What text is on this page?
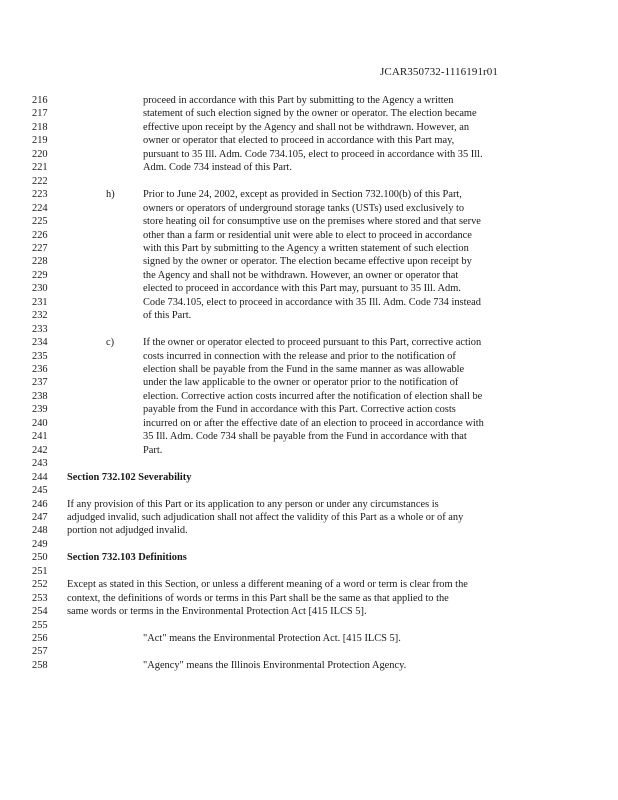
JCAR350732-1116191r01
216	proceed in accordance with this Part by submitting to the Agency a written
217	statement of such election signed by the owner or operator. The election became
218	effective upon receipt by the Agency and shall not be withdrawn. However, an
219	owner or operator that elected to proceed in accordance with this Part may,
220	pursuant to 35 Ill. Adm. Code 734.105, elect to proceed in accordance with 35 Ill.
221	Adm. Code 734 instead of this Part.
222
223	h)	Prior to June 24, 2002, except as provided in Section 732.100(b) of this Part,
224	owners or operators of underground storage tanks (USTs) used exclusively to
225	store heating oil for consumptive use on the premises where stored and that serve
226	other than a farm or residential unit were able to elect to proceed in accordance
227	with this Part by submitting to the Agency a written statement of such election
228	signed by the owner or operator. The election became effective upon receipt by
229	the Agency and shall not be withdrawn. However, an owner or operator that
230	elected to proceed in accordance with this Part may, pursuant to 35 Ill. Adm.
231	Code 734.105, elect to proceed in accordance with 35 Ill. Adm. Code 734 instead
232	of this Part.
233
234	c)	If the owner or operator elected to proceed pursuant to this Part, corrective action
235	costs incurred in connection with the release and prior to the notification of
236	election shall be payable from the Fund in the same manner as was allowable
237	under the law applicable to the owner or operator prior to the notification of
238	election. Corrective action costs incurred after the notification of election shall be
239	payable from the Fund in accordance with this Part. Corrective action costs
240	incurred on or after the effective date of an election to proceed in accordance with
241	35 Ill. Adm. Code 734 shall be payable from the Fund in accordance with that
242	Part.
243
244	Section 732.102 Severability
245
246	If any provision of this Part or its application to any person or under any circumstances is
247	adjudged invalid, such adjudication shall not affect the validity of this Part as a whole or of any
248	portion not adjudged invalid.
249
250	Section 732.103 Definitions
251
252	Except as stated in this Section, or unless a different meaning of a word or term is clear from the
253	context, the definitions of words or terms in this Part shall be the same as that applied to the
254	same words or terms in the Environmental Protection Act [415 ILCS 5].
255
256	"Act" means the Environmental Protection Act. [415 ILCS 5].
257
258	"Agency" means the Illinois Environmental Protection Agency.
